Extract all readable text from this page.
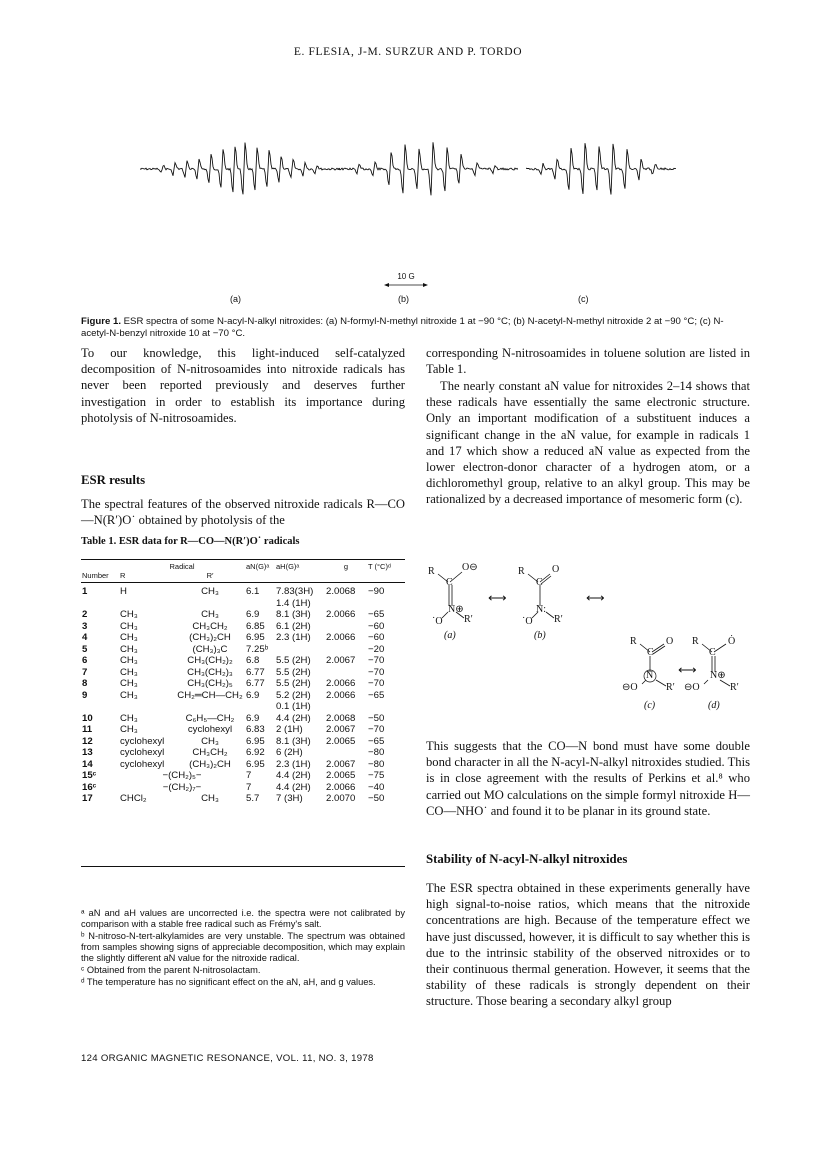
E. FLESIA, J-M. SURZUR AND P. TORDO
10 G
(a)	(b)	(c)
Figure 1. ESR spectra of some N-acyl-N-alkyl nitroxides: (a) N-formyl-N-methyl nitroxide 1 at −90 °C; (b) N-acetyl-N-methyl nitroxide 2 at −90 °C; (c) N-acetyl-N-benzyl nitroxide 10 at −70 °C.
To our knowledge, this light-induced self-catalyzed decomposition of N-nitrosoamides into nitroxide radicals has never been reported previously and deserves further investigation in order to establish its importance during photolysis of N-nitrosoamides.
ESR results
The spectral features of the observed nitroxide radicals R—CO—N(R′)O˙ obtained by photolysis of the
Table 1. ESR data for R—CO—N(R′)O˙ radicals
	Radical		aN(G)ᵃ	aH(G)ᵃ	g	T (°C)ᵈ
Number	R	R′				

1	H	CH₃	6.1	7.83(3H)	2.0068	−90
				1.4 (1H)		
2	CH₃	CH₃	6.9	8.1 (3H)	2.0066	−65
3	CH₃	CH₃CH₂	6.85	6.1 (2H)		−60
4	CH₃	(CH₃)₂CH	6.95	2.3 (1H)	2.0066	−60
5	CH₃	(CH₃)₃C	7.25ᵇ			−20
6	CH₃	CH₃(CH₂)₂	6.8	5.5 (2H)	2.0067	−70
7	CH₃	CH₃(CH₂)₃	6.77	5.5 (2H)		−70
8	CH₃	CH₃(CH₂)₅	6.77	5.5 (2H)	2.0066	−70
9	CH₃	CH₂═CH—CH₂	6.9	5.2 (2H)	2.0066	−65
				0.1 (1H)		
10	CH₃	C₆H₅—CH₂	6.9	4.4 (2H)	2.0068	−50
11	CH₃	cyclohexyl	6.83	2 (1H)	2.0067	−70
12	cyclohexyl	CH₃	6.95	8.1 (3H)	2.0065	−65
13	cyclohexyl	CH₃CH₂	6.92	6 (2H)		−80
14	cyclohexyl	(CH₃)₂CH	6.95	2.3 (1H)	2.0067	−80
15ᶜ	−(CH₂)₅−		7	4.4 (2H)	2.0065	−75
16ᶜ	−(CH₂)₇−		7	4.4 (2H)	2.0066	−40
17	CHCl₂	CH₃	5.7	7 (3H)	2.0070	−50

ᵃ aN and aH values are uncorrected i.e. the spectra were not calibrated by comparison with a stable free radical such as Frémy's salt.

ᵇ N-nitroso-N-tert-alkylamides are very unstable. The spectrum was obtained from samples showing signs of appreciable decomposition, which may explain the slightly different aN value for the nitroxide radical.

ᶜ Obtained from the parent N-nitrosolactam.

ᵈ The temperature has no significant effect on the aN, aH, and g values.

124 ORGANIC MAGNETIC RESONANCE, VOL. 11, NO. 3, 1978
corresponding N-nitrosoamides in toluene solution are listed in Table 1.
The nearly constant aN value for nitroxides 2–14 shows that these radicals have essentially the same electronic structure. Only an important modification of a substituent induces a significant change in the aN value, for example in radicals 1 and 17 which show a reduced aN value as expected from the lower electron-donor character of a hydrogen atom, or a dichloromethyl group, relative to an alkyl group. This may be rationalized by a decreased importance of mesomeric form (c).
R
C
O⊖
N⊕
˙O R′
(a)
⟷
R
C
O
N:
˙O R′
(b)
⟷
R
C
O
N
⊖O	R′
(c)
⟷
R
C
Ȯ
N⊕
⊖O	R′
(d)
This suggests that the CO—N bond must have some double bond character in all the N-acyl-N-alkyl nitroxides studied. This is in close agreement with the results of Perkins et al.⁸ who carried out MO calculations on the simple formyl nitroxide H—CO—NHO˙ and found it to be planar in its ground state.
Stability of N-acyl-N-alkyl nitroxides
The ESR spectra obtained in these experiments generally have high signal-to-noise ratios, which means that the nitroxide concentrations are high. Because of the temperature effect we have just discussed, however, it is difficult to say whether this is due to the intrinsic stability of the observed nitroxides or to their continuous thermal generation. However, it seems that the stability of these radicals is strongly dependent on their structure. Those bearing a secondary alkyl group
